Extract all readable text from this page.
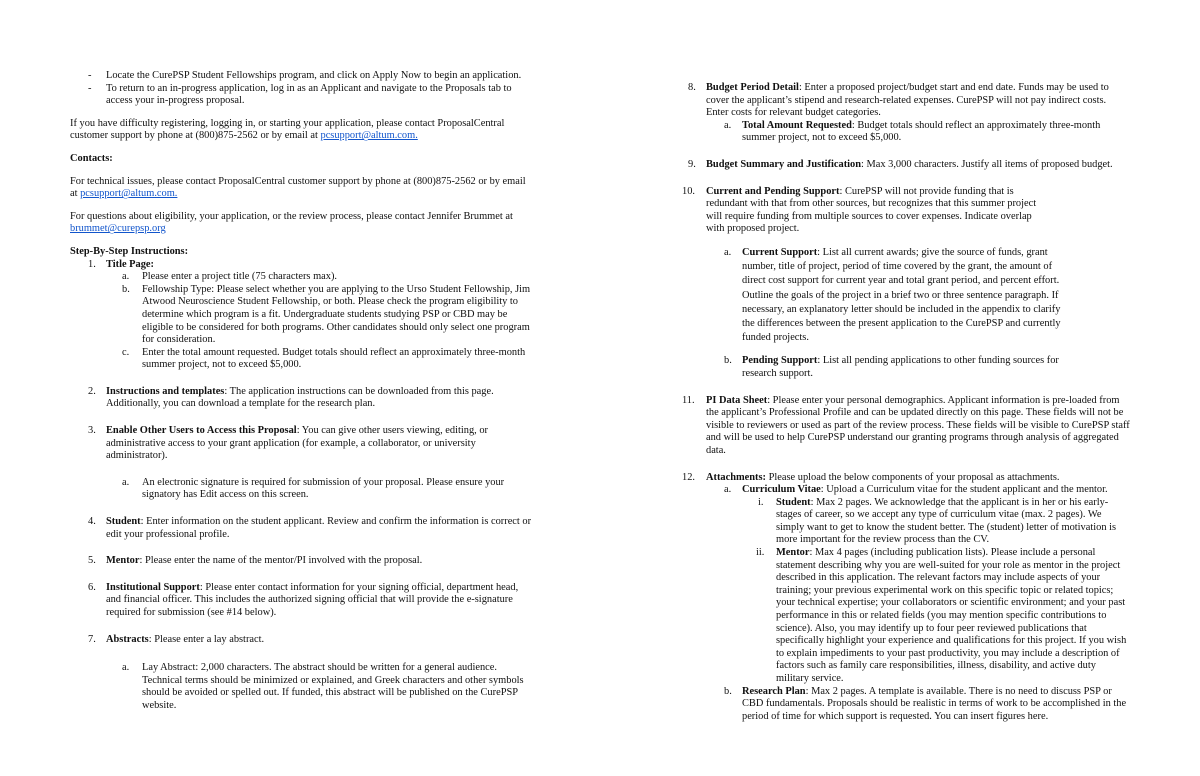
- Locate the CurePSP Student Fellowships program, and click on Apply Now to begin an application.
- To return to an in-progress application, log in as an Applicant and navigate to the Proposals tab to access your in-progress proposal.

If you have difficulty registering, logging in, or starting your application, please contact ProposalCentral customer support by phone at (800)875-2562 or by email at pcsupport@altum.com.

Contacts:

For technical issues, please contact ProposalCentral customer support by phone at (800)875-2562 or by email at pcsupport@altum.com.

For questions about eligibility, your application, or the review process, please contact Jennifer Brummet at brummet@curepsp.org

Step-By-Step Instructions:
1. Title Page:
a. Please enter a project title (75 characters max).
b. Fellowship Type: Please select whether you are applying to the Urso Student Fellowship, Jim Atwood Neuroscience Student Fellowship, or both. Please check the program eligibility to determine which program is a fit. Undergraduate students studying PSP or CBD may be eligible to be considered for both programs. Other candidates should only select one program for consideration.
c. Enter the total amount requested. Budget totals should reflect an approximately three-month summer project, not to exceed $5,000.
2. Instructions and templates: The application instructions can be downloaded from this page. Additionally, you can download a template for the research plan.
3. Enable Other Users to Access this Proposal: You can give other users viewing, editing, or administrative access to your grant application (for example, a collaborator, or university administrator).
a. An electronic signature is required for submission of your proposal. Please ensure your signatory has Edit access on this screen.
4. Student: Enter information on the student applicant. Review and confirm the information is correct or edit your professional profile.
5. Mentor: Please enter the name of the mentor/PI involved with the proposal.
6. Institutional Support: Please enter contact information for your signing official, department head, and financial officer. This includes the authorized signing official that will provide the e-signature required for submission (see #14 below).
7. Abstracts: Please enter a lay abstract.
a. Lay Abstract: 2,000 characters. The abstract should be written for a general audience. Technical terms should be minimized or explained, and Greek characters and other symbols should be avoided or spelled out. If funded, this abstract will be published on the CurePSP website.
8. Budget Period Detail: Enter a proposed project/budget start and end date. Funds may be used to cover the applicant’s stipend and research-related expenses. CurePSP will not pay indirect costs. Enter costs for relevant budget categories.
a. Total Amount Requested: Budget totals should reflect an approximately three-month summer project, not to exceed $5,000.
9. Budget Summary and Justification: Max 3,000 characters. Justify all items of proposed budget.
10. Current and Pending Support: CurePSP will not provide funding that is redundant with that from other sources, but recognizes that this summer project will require funding from multiple sources to cover expenses. Indicate overlap with proposed project.
a. Current Support: List all current awards; give the source of funds, grant number, title of project, period of time covered by the grant, the amount of direct cost support for current year and total grant period, and percent effort. Outline the goals of the project in a brief two or three sentence paragraph. If necessary, an explanatory letter should be included in the appendix to clarify the differences between the present application to the CurePSP and currently funded projects.
b. Pending Support: List all pending applications to other funding sources for research support.
11. PI Data Sheet: Please enter your personal demographics. Applicant information is pre-loaded from the applicant’s Professional Profile and can be updated directly on this page. These fields will not be visible to reviewers or used as part of the review process. These fields will be visible to CurePSP staff and will be used to help CurePSP understand our granting programs through analysis of aggregated data.
12. Attachments: Please upload the below components of your proposal as attachments.
a. Curriculum Vitae: Upload a Curriculum vitae for the student applicant and the mentor.
i. Student: Max 2 pages. We acknowledge that the applicant is in her or his early-stages of career, so we accept any type of curriculum vitae (max. 2 pages). We simply want to get to know the student better. The (student) letter of motivation is more important for the review process than the CV.
ii. Mentor: Max 4 pages (including publication lists). Please include a personal statement describing why you are well-suited for your role as mentor in the project described in this application. The relevant factors may include aspects of your training; your previous experimental work on this specific topic or related topics; your technical expertise; your collaborators or scientific environment; and your past performance in this or related fields (you may mention specific contributions to science). Also, you may identify up to four peer reviewed publications that specifically highlight your experience and qualifications for this project. If you wish to explain impediments to your past productivity, you may include a description of factors such as family care responsibilities, illness, disability, and active duty military service.
b. Research Plan: Max 2 pages. A template is available. There is no need to discuss PSP or CBD fundamentals. Proposals should be realistic in terms of work to be accomplished in the period of time for which support is requested. You can insert figures here.
